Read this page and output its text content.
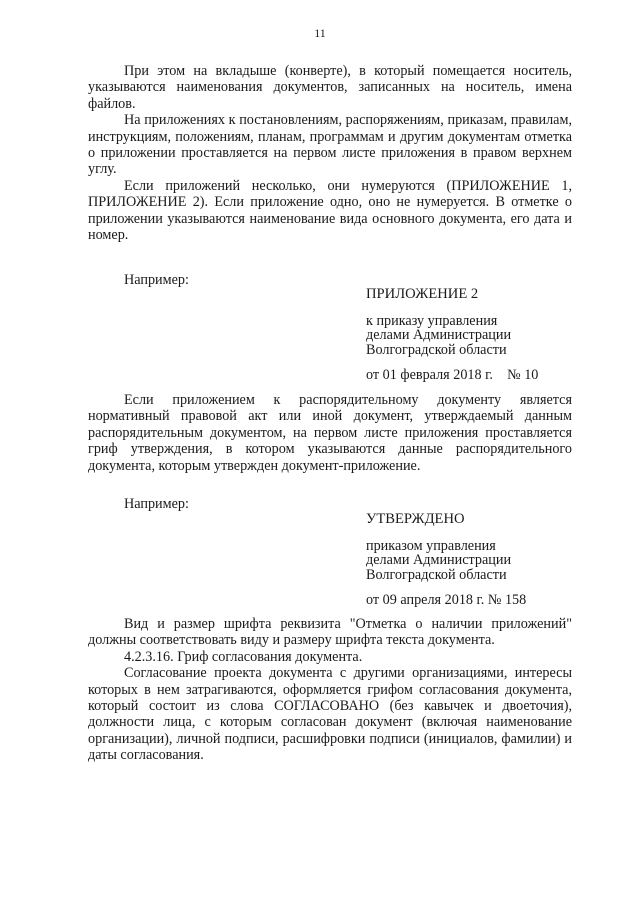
11

При этом на вкладыше (конверте), в который помещается носитель, указываются наименования документов, записанных на носитель, имена файлов.

На приложениях к постановлениям, распоряжениям, приказам, правилам, инструкциям, положениям, планам, программам и другим документам отметка о приложении проставляется на первом листе приложения в правом верхнем углу.

Если приложений несколько, они нумеруются (ПРИЛОЖЕНИЕ 1, ПРИЛОЖЕНИЕ 2). Если приложение одно, оно не нумеруется. В отметке о приложении указываются наименование вида основного документа, его дата и номер.

Например:
ПРИЛОЖЕНИЕ 2
к приказу управления
делами Администрации
Волгоградской области
от 01 февраля 2018 г.    № 10

Если приложением к распорядительному документу является нормативный правовой акт или иной документ, утверждаемый данным распорядительным документом, на первом листе приложения проставляется гриф утверждения, в котором указываются данные распорядительного документа, которым утвержден документ-приложение.

Например:
УТВЕРЖДЕНО
приказом управления
делами Администрации
Волгоградской области
от 09 апреля 2018 г. № 158

Вид и размер шрифта реквизита "Отметка о наличии приложений" должны соответствовать виду и размеру шрифта текста документа.

4.2.3.16. Гриф согласования документа.

Согласование проекта документа с другими организациями, интересы которых в нем затрагиваются, оформляется грифом согласования документа, который состоит из слова СОГЛАСОВАНО (без кавычек и двоеточия), должности лица, с которым согласован документ (включая наименование организации), личной подписи, расшифровки подписи (инициалов, фамилии) и даты согласования.
